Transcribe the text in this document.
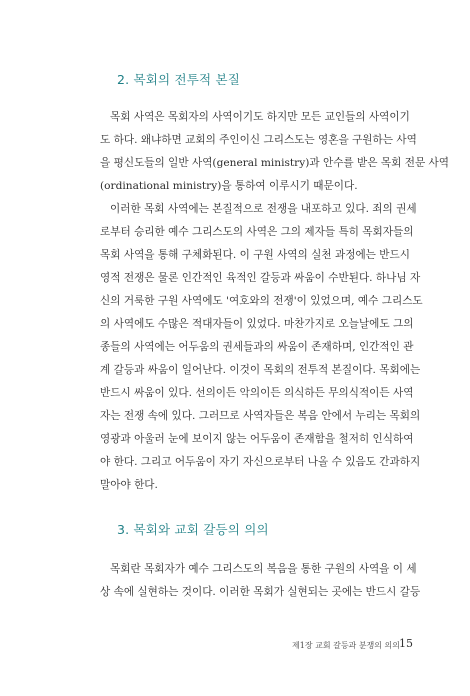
2. 목회의 전투적 본질
목회 사역은 목회자의 사역이기도 하지만 모든 교인들의 사역이기
도 하다. 왜냐하면 교회의 주인이신 그리스도는 영혼을 구원하는 사역
을 평신도들의 일반 사역(general ministry)과 안수를 받은 목회 전문 사역
(ordinational ministry)을 통하여 이루시기 때문이다.
이러한 목회 사역에는 본질적으로 전쟁을 내포하고 있다. 죄의 권세
로부터 승리한 예수 그리스도의 사역은 그의 제자들 특히 목회자들의
목회 사역을 통해 구체화된다. 이 구원 사역의 실천 과정에는 반드시
영적 전쟁은 물론 인간적인 육적인 갈등과 싸움이 수반된다. 하나님 자
신의 거룩한 구원 사역에도 '여호와의 전쟁'이 있었으며, 예수 그리스도
의 사역에도 수많은 적대자들이 있었다. 마찬가지로 오늘날에도 그의
종들의 사역에는 어두움의 권세들과의 싸움이 존재하며, 인간적인 관
계 갈등과 싸움이 일어난다. 이것이 목회의 전투적 본질이다. 목회에는
반드시 싸움이 있다. 선의이든 악의이든 의식하든 무의식적이든 사역
자는 전쟁 속에 있다. 그러므로 사역자들은 복음 안에서 누리는 목회의
영광과 아울러 눈에 보이지 않는 어두움이 존재함을 철저히 인식하여
야 한다. 그리고 어두움이 자기 자신으로부터 나올 수 있음도 간과하지
말아야 한다.
3. 목회와 교회 갈등의 의의
목회란 목회자가 예수 그리스도의 복음을 통한 구원의 사역을 이 세
상 속에 실현하는 것이다. 이러한 목회가 실현되는 곳에는 반드시 갈등
제1장 교회 갈등과 분쟁의 의의 15
